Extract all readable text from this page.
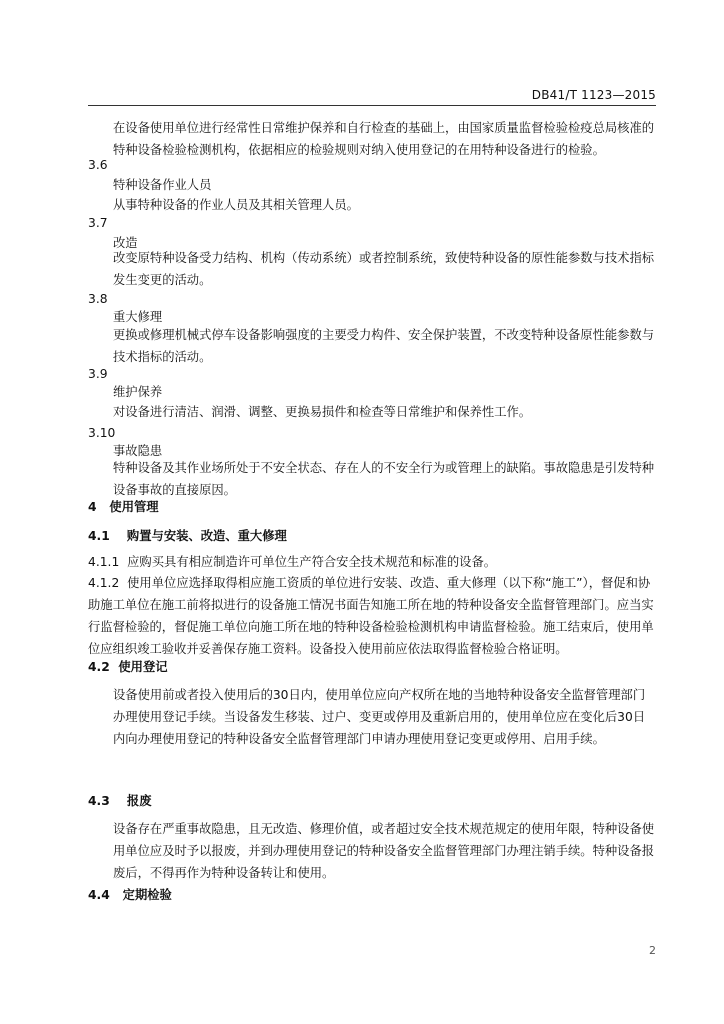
DB41/T 1123—2015
在设备使用单位进行经常性日常维护保养和自行检查的基础上，由国家质量监督检验检疫总局核准的特种设备检验检测机构，依据相应的检验规则对纳入使用登记的在用特种设备进行的检验。
3.6
特种设备作业人员
从事特种设备的作业人员及其相关管理人员。
3.7
改造
改变原特种设备受力结构、机构（传动系统）或者控制系统，致使特种设备的原性能参数与技术指标发生变更的活动。
3.8
重大修理
更换或修理机械式停车设备影响强度的主要受力构件、安全保护装置，不改变特种设备原性能参数与技术指标的活动。
3.9
维护保养
对设备进行清洁、润滑、调整、更换易损件和检查等日常维护和保养性工作。
3.10
事故隐患
特种设备及其作业场所处于不安全状态、存在人的不安全行为或管理上的缺陷。事故隐患是引发特种设备事故的直接原因。
4 使用管理
4.1 购置与安装、改造、重大修理
4.1.1 应购买具有相应制造许可单位生产符合安全技术规范和标准的设备。
4.1.2 使用单位应选择取得相应施工资质的单位进行安装、改造、重大修理（以下称“施工”），督促和协助施工单位在施工前将拟进行的设备施工情况书面告知施工所在地的特种设备安全监督管理部门。应当实行监督检验的，督促施工单位向施工所在地的特种设备检验检测机构申请监督检验。施工结束后，使用单位应组织竣工验收并妥善保存施工资料。设备投入使用前应依法取得监督检验合格证明。
4.2 使用登记
设备使用前或者投入使用后的30日内，使用单位应向产权所在地的当地特种设备安全监督管理部门办理使用登记手续。当设备发生移装、过户、变更或停用及重新启用的，使用单位应在变化后30日内向办理使用登记的特种设备安全监督管理部门申请办理使用登记变更或停用、启用手续。
4.3 报废
设备存在严重事故隐患，且无改造、修理价值，或者超过安全技术规范规定的使用年限，特种设备使用单位应及时予以报废，并到办理使用登记的特种设备安全监督管理部门办理注销手续。特种设备报废后，不得再作为特种设备转让和使用。
4.4 定期检验
2
